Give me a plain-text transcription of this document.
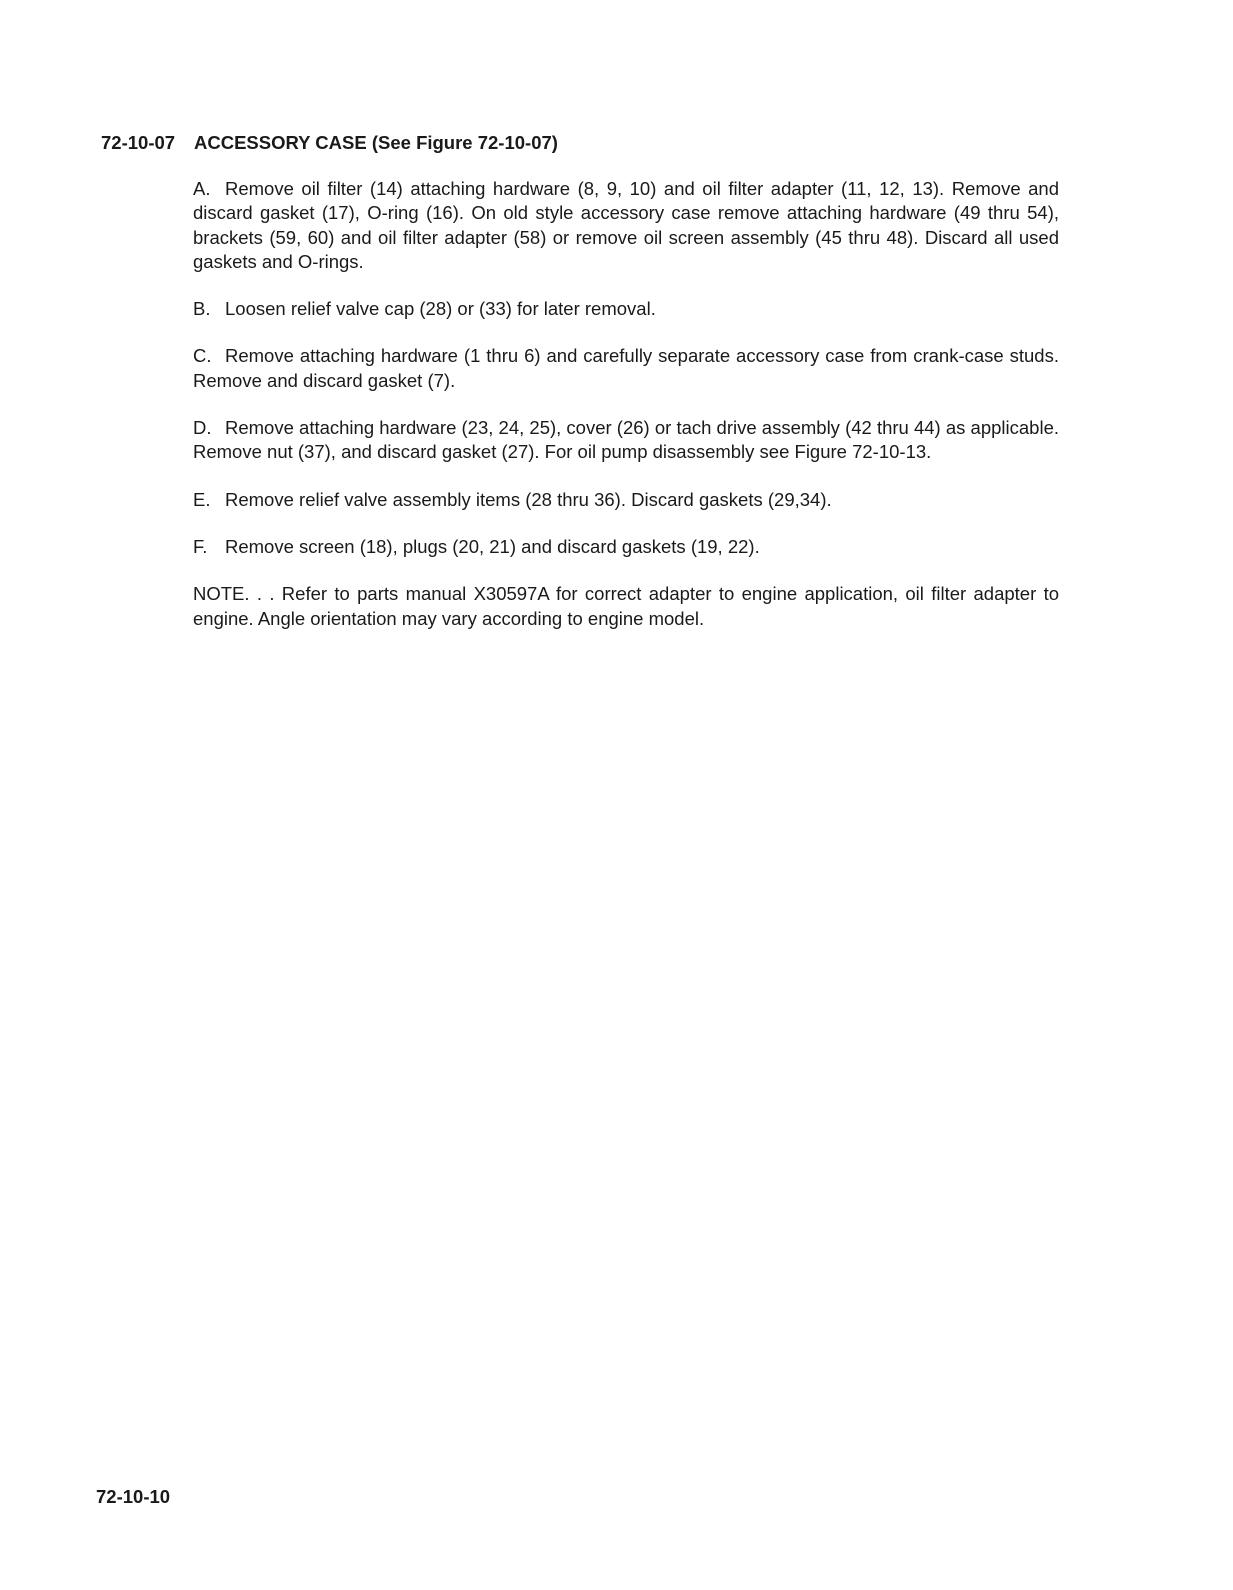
72-10-07 ACCESSORY CASE (See Figure 72-10-07)

A. Remove oil filter (14) attaching hardware (8, 9, 10) and oil filter adapter (11, 12, 13). Remove and discard gasket (17), O-ring (16). On old style accessory case remove attaching hardware (49 thru 54), brackets (59, 60) and oil filter adapter (58) or remove oil screen assembly (45 thru 48). Discard all used gaskets and O-rings.

B. Loosen relief valve cap (28) or (33) for later removal.

C. Remove attaching hardware (1 thru 6) and carefully separate accessory case from crank-case studs. Remove and discard gasket (7).

D. Remove attaching hardware (23, 24, 25), cover (26) or tach drive assembly (42 thru 44) as applicable. Remove nut (37), and discard gasket (27). For oil pump disassembly see Figure 72-10-13.

E. Remove relief valve assembly items (28 thru 36). Discard gaskets (29,34).

F. Remove screen (18), plugs (20, 21) and discard gaskets (19, 22).

NOTE. . . Refer to parts manual X30597A for correct adapter to engine application, oil filter adapter to engine. Angle orientation may vary according to engine model.

72-10-10
